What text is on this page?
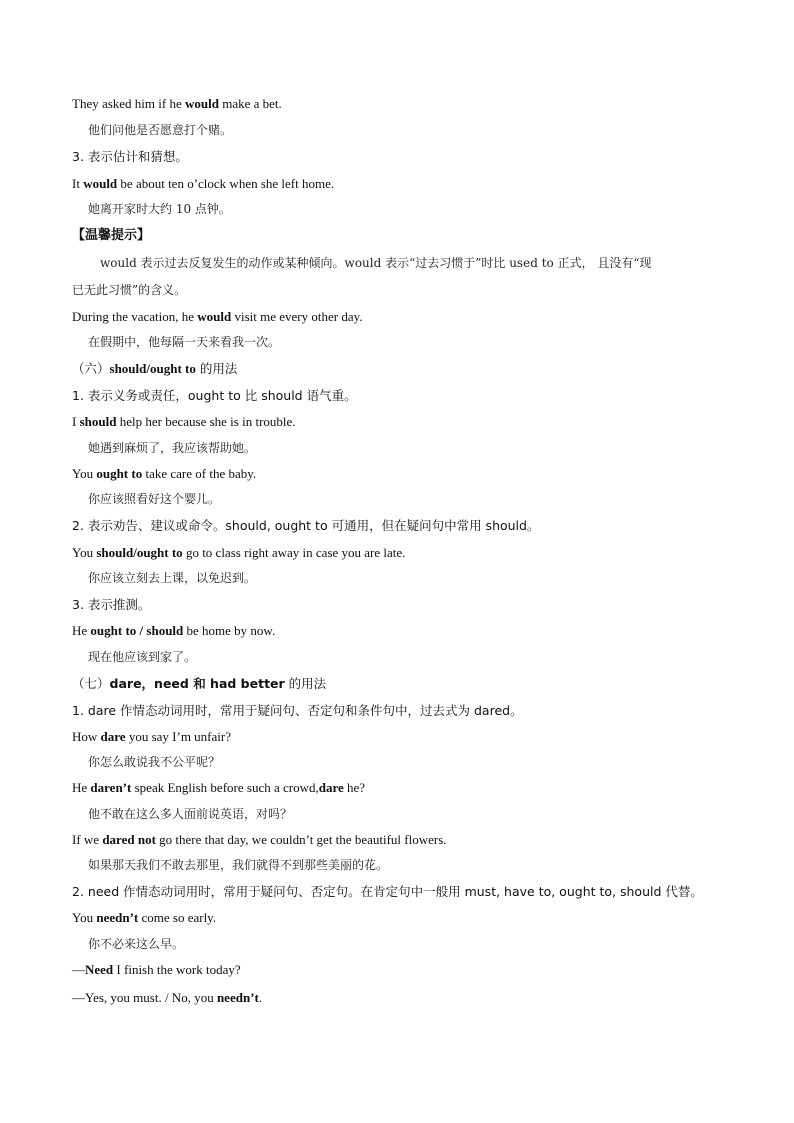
They asked him if he would make a bet.
他们问他是否愿意打个赌。
3. 表示估计和猜想。
It would be about ten o’clock when she left home.
她离开家时大约 10 点钟。
【温馨提示】
would 表示过去反复发生的动作或某种倾向。would 表示“过去习惯于”时比 used to 正式， 且没有“现
已无此习惯”的含义。
During the vacation, he would visit me every other day.
在假期中，他每隔一天来看我一次。
（六）should/ought to 的用法
1. 表示义务或责任，ought to 比 should 语气重。
I should help her because she is in trouble.
她遇到麻烦了，我应该帮助她。
You ought to take care of the baby.
你应该照看好这个婴儿。
2. 表示劝告、建议或命令。should, ought to 可通用，但在疑问句中常用 should。
You should/ought to go to class right away in case you are late.
你应该立刻去上课，以免迟到。
3. 表示推测。
He ought to / should be home by now.
现在他应该到家了。
（七）dare，need 和 had better 的用法
1. dare 作情态动词用时，常用于疑问句、否定句和条件句中，过去式为 dared。
How dare you say I’m unfair?
你怎么敢说我不公平呢？
He daren’t speak English before such a crowd,dare he?
他不敢在这么多人面前说英语，对吗？
If we dared not go there that day, we couldn’t get the beautiful flowers.
如果那天我们不敢去那里，我们就得不到那些美丽的花。
2. need 作情态动词用时，常用于疑问句、否定句。在肯定句中一般用 must, have to, ought to, should 代替。
You needn’t come so early.
你不必来这么早。
—Need I finish the work today?
—Yes, you must. / No, you needn’t.
